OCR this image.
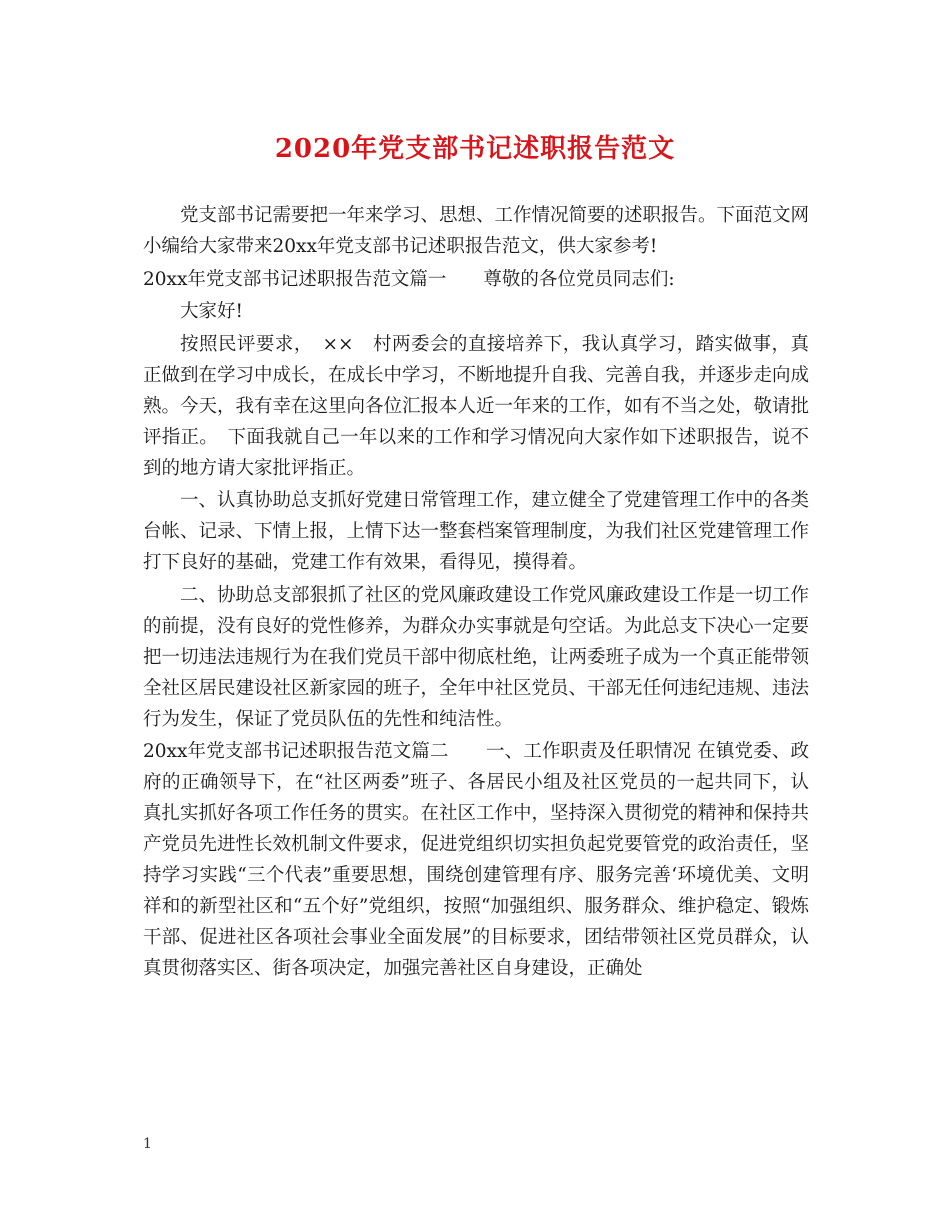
2020年党支部书记述职报告范文

党支部书记需要把一年来学习、思想、工作情况简要的述职报告。下面范文网小编给大家带来20xx年党支部书记述职报告范文，供大家参考!

20xx年党支部书记述职报告范文篇一　　尊敬的各位党员同志们:

大家好!

按照民评要求，　××　村两委会的直接培养下，我认真学习，踏实做事，真正做到在学习中成长，在成长中学习，不断地提升自我、完善自我，并逐步走向成熟。今天，我有幸在这里向各位汇报本人近一年来的工作，如有不当之处，敬请批评指正。　下面我就自己一年以来的工作和学习情况向大家作如下述职报告，说不到的地方请大家批评指正。

一、认真协助总支抓好党建日常管理工作，建立健全了党建管理工作中的各类台帐、记录、下情上报，上情下达一整套档案管理制度，为我们社区党建管理工作打下良好的基础，党建工作有效果，看得见，摸得着。

二、协助总支部狠抓了社区的党风廉政建设工作党风廉政建设工作是一切工作的前提，没有良好的党性修养，为群众办实事就是句空话。为此总支下决心一定要把一切违法违规行为在我们党员干部中彻底杜绝，让两委班子成为一个真正能带领全社区居民建设社区新家园的班子，全年中社区党员、干部无任何违纪违规、违法行为发生，保证了党员队伍的先性和纯洁性。

20xx年党支部书记述职报告范文篇二　　一、工作职责及任职情况 在镇党委、政府的正确领导下，在“社区两委”班子、各居民小组及社区党员的一起共同下，认真扎实抓好各项工作任务的贯实。在社区工作中，坚持深入贯彻党的精神和保持共产党员先进性长效机制文件要求，促进党组织切实担负起党要管党的政治责任，坚持学习实践“三个代表”重要思想，围绕创建管理有序、服务完善‘环境优美、文明祥和的新型社区和“五个好”党组织，按照“加强组织、服务群众、维护稳定、锻炼干部、促进社区各项社会事业全面发展”的目标要求，团结带领社区党员群众，认真贯彻落实区、街各项决定，加强完善社区自身建设，正确处

1
